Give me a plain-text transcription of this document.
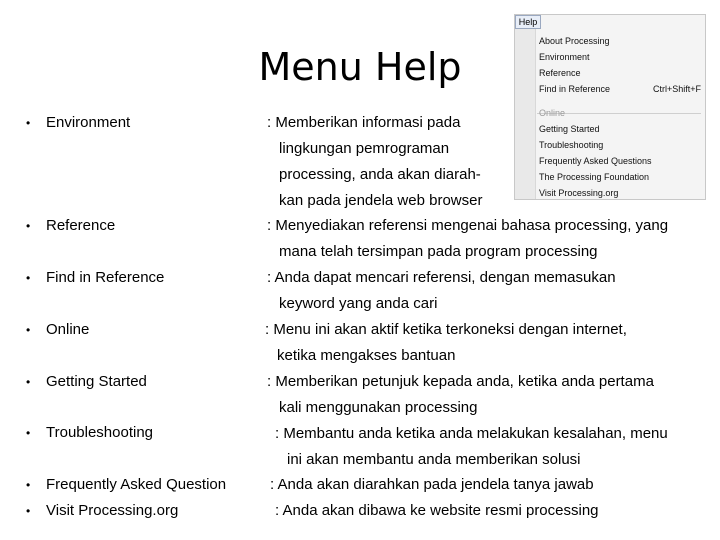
Menu Help
Help
About Processing
Environment
Reference
Find in Reference	Ctrl+Shift+F
Online
Getting Started
Troubleshooting
Frequently Asked Questions
The Processing Foundation
Visit Processing.org
• Environment
• Reference
• Find in Reference
• Online
• Getting Started
• Troubleshooting
• Frequently Asked Question
• Visit Processing.org
: Memberikan informasi pada
lingkungan pemrograman
processing, anda akan diarah-
kan pada jendela web browser
: Menyediakan referensi mengenai bahasa processing, yang
mana telah tersimpan pada program processing
: Anda dapat mencari referensi, dengan memasukan
keyword yang anda cari
: Menu ini akan aktif ketika terkoneksi dengan internet,
ketika mengakses bantuan
: Memberikan petunjuk kepada anda, ketika anda pertama
kali menggunakan processing
: Membantu anda ketika anda melakukan kesalahan, menu
ini akan membantu anda memberikan solusi
: Anda akan diarahkan pada jendela tanya jawab
: Anda akan dibawa ke website resmi processing
